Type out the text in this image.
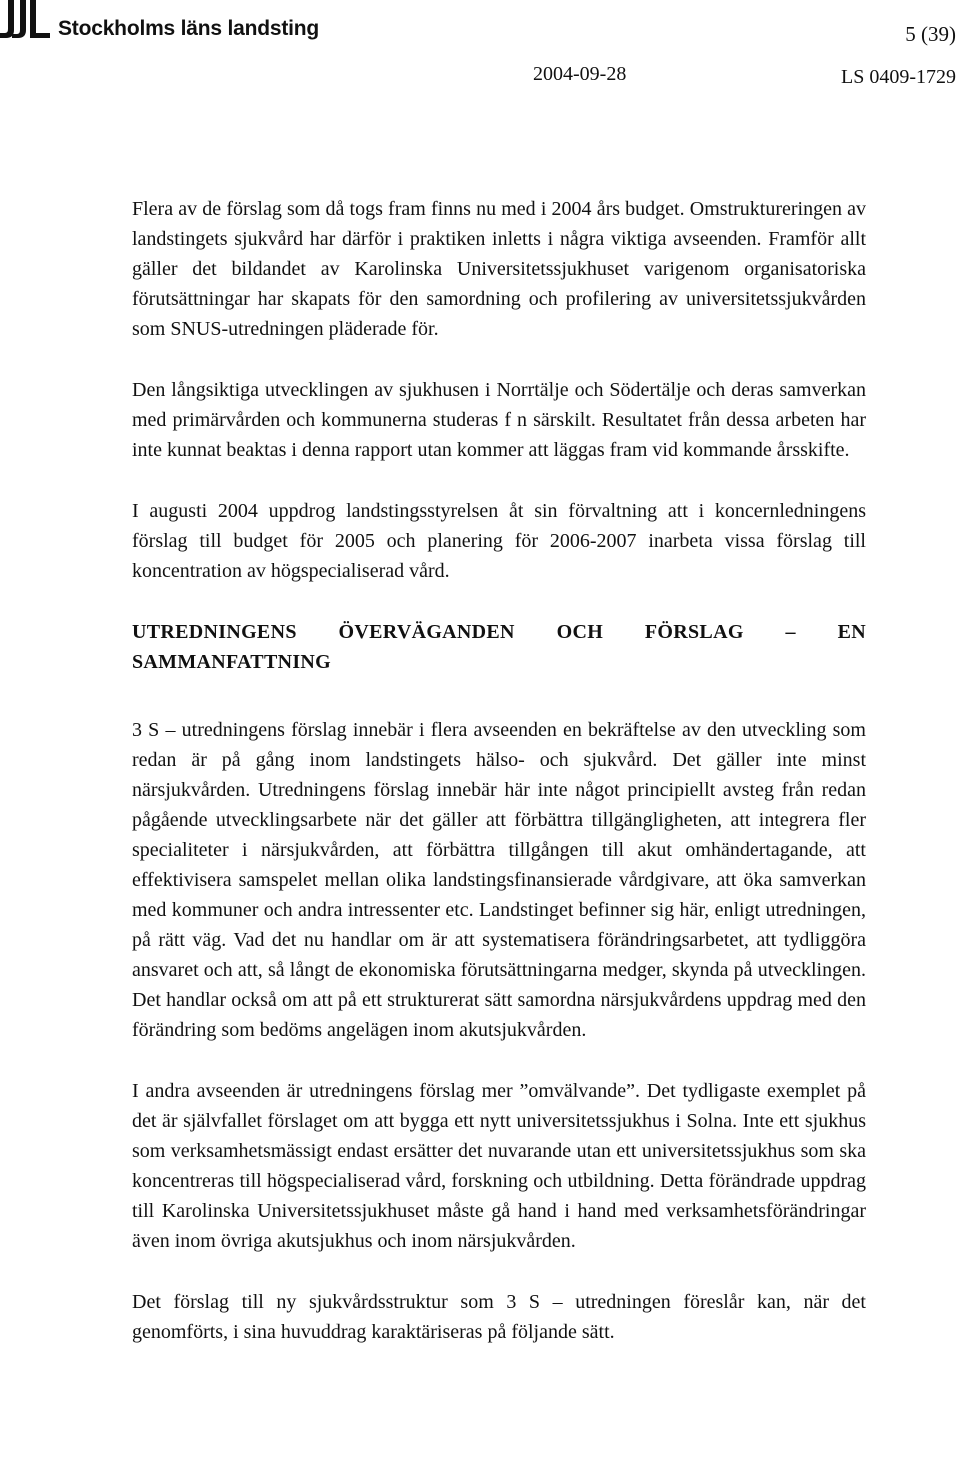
Stockholms läns landsting	5 (39)
2004-09-28	LS 0409-1729

Flera av de förslag som då togs fram finns nu med i 2004 års budget. Omstruktureringen av landstingets sjukvård har därför i praktiken inletts i några viktiga avseenden. Framför allt gäller det bildandet av Karolinska Universitetssjukhuset varigenom organisatoriska förutsättningar har skapats för den samordning och profilering av universitetssjukvården som SNUS-utredningen pläderade för.

Den långsiktiga utvecklingen av sjukhusen i Norrtälje och Södertälje och deras samverkan med primärvården och kommunerna studeras f n särskilt. Resultatet från dessa arbeten har inte kunnat beaktas i denna rapport utan kommer att läggas fram vid kommande årsskifte.

I augusti 2004 uppdrog landstingsstyrelsen åt sin förvaltning att i koncernledningens förslag till budget för 2005 och planering för 2006-2007 inarbeta vissa förslag till koncentration av högspecialiserad vård.

UTREDNINGENS ÖVERVÄGANDEN OCH FÖRSLAG – EN SAMMANFATTNING

3 S – utredningens förslag innebär i flera avseenden en bekräftelse av den utveckling som redan är på gång inom landstingets hälso- och sjukvård. Det gäller inte minst närsjukvården. Utredningens förslag innebär här inte något principiellt avsteg från redan pågående utvecklingsarbete när det gäller att förbättra tillgängligheten, att integrera fler specialiteter i närsjukvården, att förbättra tillgången till akut omhändertagande, att effektivisera samspelet mellan olika landstingsfinansierade vårdgivare, att öka samverkan med kommuner och andra intressenter etc. Landstinget befinner sig här, enligt utredningen, på rätt väg. Vad det nu handlar om är att systematisera förändringsarbetet, att tydliggöra ansvaret och att, så långt de ekonomiska förutsättningarna medger, skynda på utvecklingen. Det handlar också om att på ett strukturerat sätt samordna närsjukvårdens uppdrag med den förändring som bedöms angelägen inom akutsjukvården.

I andra avseenden är utredningens förslag mer ”omvälvande”. Det tydligaste exemplet på det är självfallet förslaget om att bygga ett nytt universitetssjukhus i Solna. Inte ett sjukhus som verksamhetsmässigt endast ersätter det nuvarande utan ett universitetssjukhus som ska koncentreras till högspecialiserad vård, forskning och utbildning. Detta förändrade uppdrag till Karolinska Universitetssjukhuset måste gå hand i hand med verksamhetsförändringar även inom övriga akutsjukhus och inom närsjukvården.

Det förslag till ny sjukvårdsstruktur som 3 S – utredningen föreslår kan, när det genomförts, i sina huvuddrag karaktäriseras på följande sätt.
